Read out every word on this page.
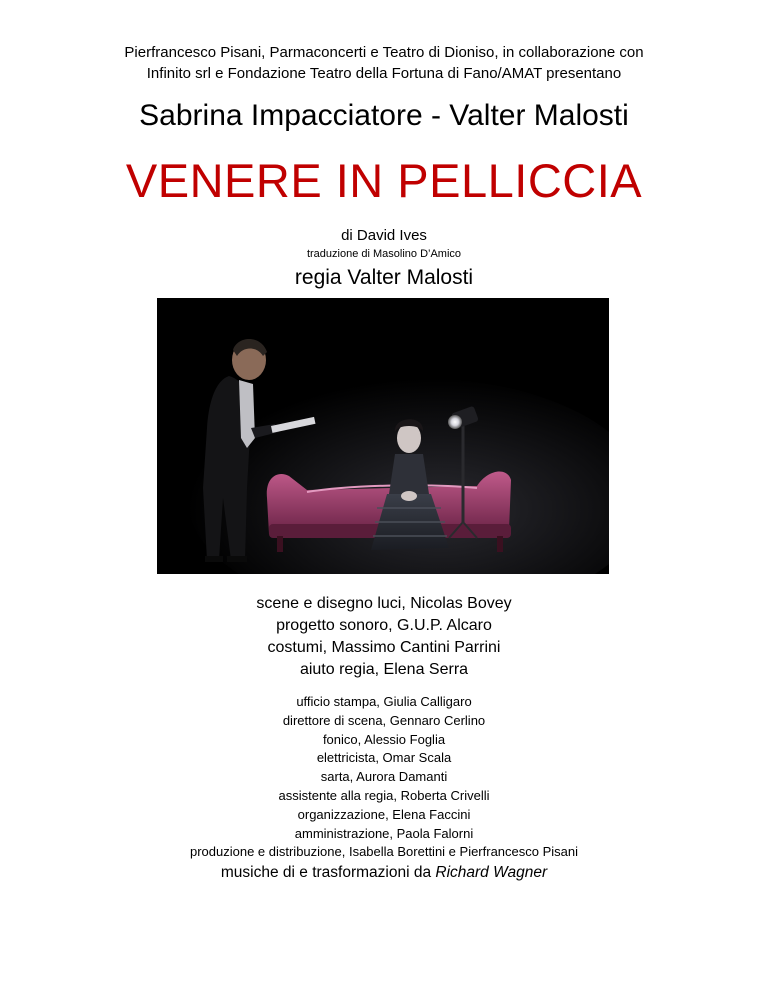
Pierfrancesco Pisani, Parmaconcerti e Teatro di Dioniso, in collaborazione con
Infinito srl e Fondazione Teatro della Fortuna di Fano/AMAT presentano
Sabrina Impacciatore - Valter Malosti
VENERE IN PELLICCIA
di David Ives
traduzione di Masolino D’Amico
regia Valter Malosti
scene e disegno luci, Nicolas Bovey
progetto sonoro, G.U.P. Alcaro
costumi, Massimo Cantini Parrini
aiuto regia, Elena Serra
ufficio stampa, Giulia Calligaro
direttore di scena, Gennaro Cerlino
fonico, Alessio Foglia
elettricista, Omar Scala
sarta, Aurora Damanti
assistente alla regia, Roberta Crivelli
organizzazione, Elena Faccini
amministrazione, Paola Falorni
produzione e distribuzione, Isabella Borettini e Pierfrancesco Pisani
musiche di e trasformazioni da Richard Wagner
